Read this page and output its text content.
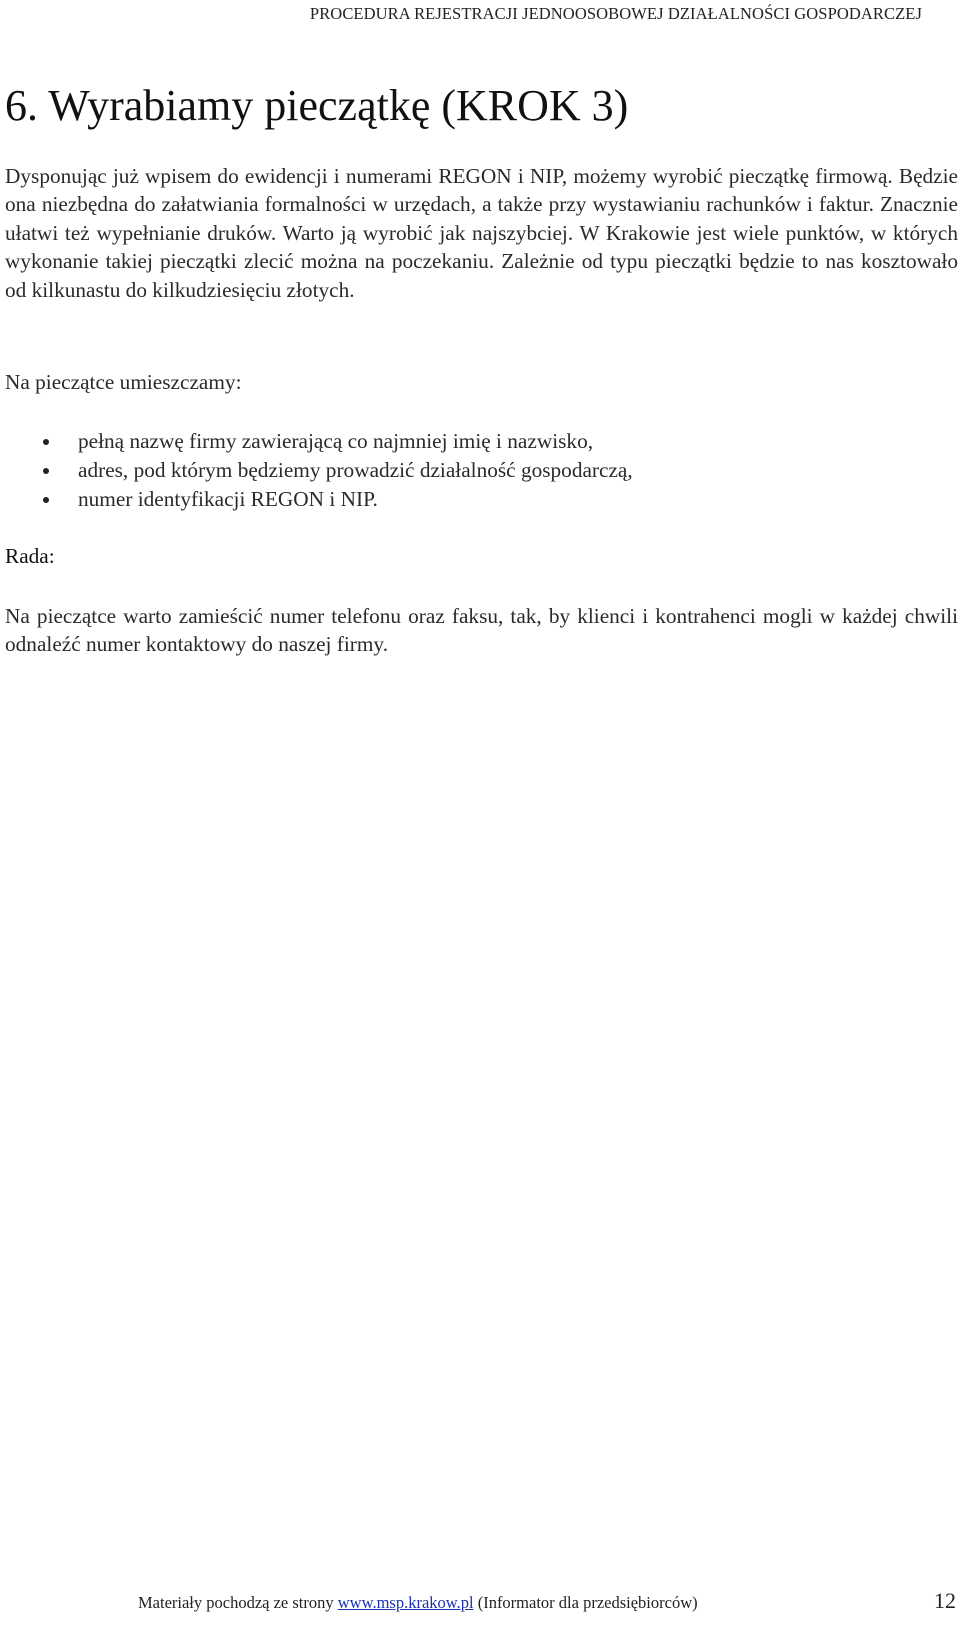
PROCEDURA REJESTRACJI JEDNOOSOBOWEJ DZIAŁALNOŚCI GOSPODARCZEJ
6. Wyrabiamy pieczątkę (KROK 3)

Dysponując już wpisem do ewidencji i numerami REGON i NIP, możemy wyrobić pieczątkę firmową. Będzie ona niezbędna do załatwiania formalności w urzędach, a także przy wystawianiu rachunków i faktur. Znacznie ułatwi też wypełnianie druków. Warto ją wyrobić jak najszybciej. W Krakowie jest wiele punktów, w których wykonanie takiej pieczątki zlecić można na poczekaniu. Zależnie od typu pieczątki będzie to nas kosztowało od kilkunastu do kilkudziesięciu złotych.

Na pieczątce umieszczamy:

pełną nazwę firmy zawierającą co najmniej imię i nazwisko,
adres, pod którym będziemy prowadzić działalność gospodarczą,
numer identyfikacji REGON i NIP.
Rada:

Na pieczątce warto zamieścić numer telefonu oraz faksu, tak, by klienci i kontrahenci mogli w każdej chwili odnaleźć numer kontaktowy do naszej firmy.

Materiały pochodzą ze strony www.msp.krakow.pl (Informator dla przedsiębiorców)	12
